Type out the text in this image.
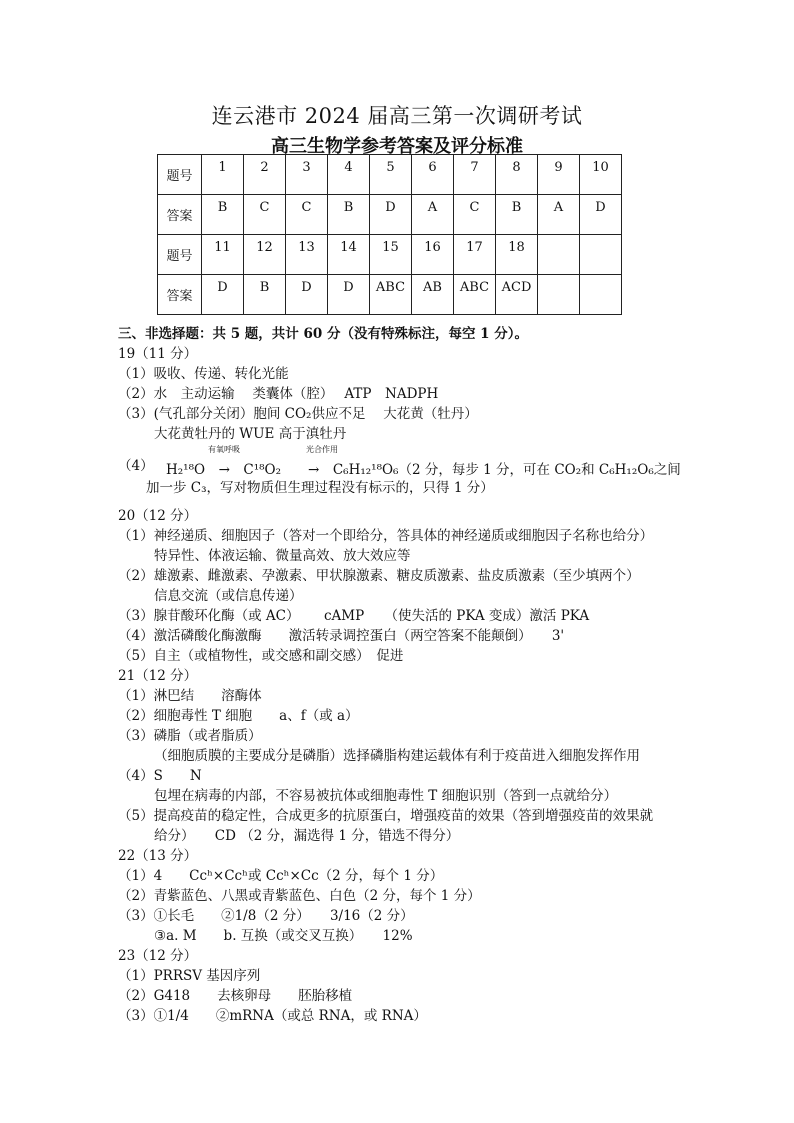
连云港市 2024 届高三第一次调研考试
高三生物学参考答案及评分标准
题号	1	2	3	4	5	6	7	8	9	10
答案	B	C	C	B	D	A	C	B	A	D
题号	11	12	13	14	15	16	17	18		
答案	D	B	D	D	ABC	AB	ABC	ACD		
三、非选择题：共 5 题，共计 60 分（没有特殊标注，每空 1 分）。
19（11 分）
（1）吸收、传递、转化光能
（2）水　主动运输　 类囊体（腔）　 ATP　NADPH
（3）(气孔部分关闭）胞间 CO₂供应不足　 大花黄（牡丹）
大花黄牡丹的 WUE 高于滇牡丹
（4）
有氧呼吸	光合作用
H₂¹⁸O　→　C¹⁸O₂　　→　C₆H₁₂¹⁸O₆（2 分，每步 1 分，可在 CO₂和 C₆H₁₂O₆之间
加一步 C₃，写对物质但生理过程没有标示的，只得 1 分）
20（12 分）
（1）神经递质、细胞因子（答对一个即给分，答具体的神经递质或细胞因子名称也给分）
特异性、体液运输、微量高效、放大效应等
（2）雄激素、雌激素、孕激素、甲状腺激素、糖皮质激素、盐皮质激素（至少填两个）
信息交流（或信息传递）
（3）腺苷酸环化酶（或 AC）　　 cAMP　　（使失活的 PKA 变成）激活 PKA
（4）激活磷酸化酶激酶　　激活转录调控蛋白（两空答案不能颠倒）　　3'
（5）自主（或植物性，或交感和副交感）　促进
21（12 分）
（1）淋巴结　　溶酶体
（2）细胞毒性 T 细胞　　a、f（或 a）
（3）磷脂（或者脂质）
（细胞质膜的主要成分是磷脂）选择磷脂构建运载体有利于疫苗进入细胞发挥作用
（4）S　　N
包埋在病毒的内部，不容易被抗体或细胞毒性 T 细胞识别（答到一点就给分）
（5）提高疫苗的稳定性，合成更多的抗原蛋白，增强疫苗的效果（答到增强疫苗的效果就
给分）　　CD （2 分，漏选得 1 分，错选不得分）
22（13 分）
（1）4　　Ccʰ×Ccʰ或 Ccʰ×Cc（2 分，每个 1 分）
（2）青紫蓝色、八黑或青紫蓝色、白色（2 分，每个 1 分）
（3）①长毛　　②1/8（2 分）　　3/16（2 分）
③a. M　　b. 互换（或交叉互换）　　12%
23（12 分）
（1）PRRSV 基因序列
（2）G418　　去核卵母　　胚胎移植
（3）①1/4　　②mRNA（或总 RNA，或 RNA）
